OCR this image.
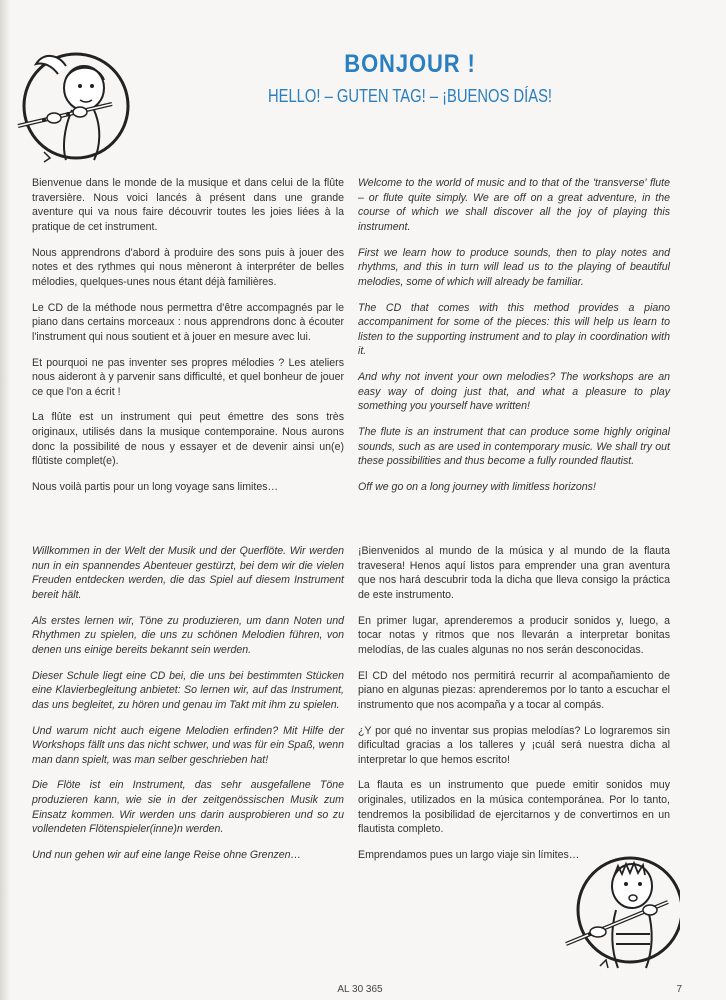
BONJOUR !
HELLO! – GUTEN TAG! – ¡BUENOS DÍAS!

Bienvenue dans le monde de la musique et dans celui de la flûte traversière. Nous voici lancés à présent dans une grande aventure qui va nous faire découvrir toutes les joies liées à la pratique de cet instrument.

Nous apprendrons d'abord à produire des sons puis à jouer des notes et des rythmes qui nous mèneront à interpréter de belles mélodies, quelques-unes nous étant déjà familières.

Le CD de la méthode nous permettra d'être accompagnés par le piano dans certains morceaux : nous apprendrons donc à écouter l'instrument qui nous soutient et à jouer en mesure avec lui.

Et pourquoi ne pas inventer ses propres mélodies ? Les ateliers nous aideront à y parvenir sans difficulté, et quel bonheur de jouer ce que l'on a écrit !

La flûte est un instrument qui peut émettre des sons très originaux, utilisés dans la musique contemporaine. Nous aurons donc la possibilité de nous y essayer et de devenir ainsi un(e) flûtiste complet(e).

Nous voilà partis pour un long voyage sans limites…

Welcome to the world of music and to that of the 'transverse' flute – or flute quite simply. We are off on a great adventure, in the course of which we shall discover all the joy of playing this instrument.

First we learn how to produce sounds, then to play notes and rhythms, and this in turn will lead us to the playing of beautiful melodies, some of which will already be familiar.

The CD that comes with this method provides a piano accompaniment for some of the pieces: this will help us learn to listen to the supporting instrument and to play in coordination with it.

And why not invent your own melodies? The workshops are an easy way of doing just that, and what a pleasure to play something you yourself have written!

The flute is an instrument that can produce some highly original sounds, such as are used in contemporary music. We shall try out these possibilities and thus become a fully rounded flautist.

Off we go on a long journey with limitless horizons!

Willkommen in der Welt der Musik und der Querflöte. Wir werden nun in ein spannendes Abenteuer gestürzt, bei dem wir die vielen Freuden entdecken werden, die das Spiel auf diesem Instrument bereit hält.

Als erstes lernen wir, Töne zu produzieren, um dann Noten und Rhythmen zu spielen, die uns zu schönen Melodien führen, von denen uns einige bereits bekannt sein werden.

Dieser Schule liegt eine CD bei, die uns bei bestimmten Stücken eine Klavierbegleitung anbietet: So lernen wir, auf das Instrument, das uns begleitet, zu hören und genau im Takt mit ihm zu spielen.

Und warum nicht auch eigene Melodien erfinden? Mit Hilfe der Workshops fällt uns das nicht schwer, und was für ein Spaß, wenn man dann spielt, was man selber geschrieben hat!

Die Flöte ist ein Instrument, das sehr ausgefallene Töne produzieren kann, wie sie in der zeitgenössischen Musik zum Einsatz kommen. Wir werden uns darin ausprobieren und so zu vollendeten Flötenspieler(inne)n werden.

Und nun gehen wir auf eine lange Reise ohne Grenzen…

¡Bienvenidos al mundo de la música y al mundo de la flauta travesera! Henos aquí listos para emprender una gran aventura que nos hará descubrir toda la dicha que lleva consigo la práctica de este instrumento.

En primer lugar, aprenderemos a producir sonidos y, luego, a tocar notas y ritmos que nos llevarán a interpretar bonitas melodías, de las cuales algunas no nos serán desconocidas.

El CD del método nos permitirá recurrir al acompañamiento de piano en algunas piezas: aprenderemos por lo tanto a escuchar el instrumento que nos acompaña y a tocar al compás.

¿Y por qué no inventar sus propias melodías? Lo lograremos sin dificultad gracias a los talleres y ¡cuál será nuestra dicha al interpretar lo que hemos escrito!

La flauta es un instrumento que puede emitir sonidos muy originales, utilizados en la música contemporánea. Por lo tanto, tendremos la posibilidad de ejercitarnos y de convertirnos en un flautista completo.

Emprendamos pues un largo viaje sin límites…

AL 30 365	7
